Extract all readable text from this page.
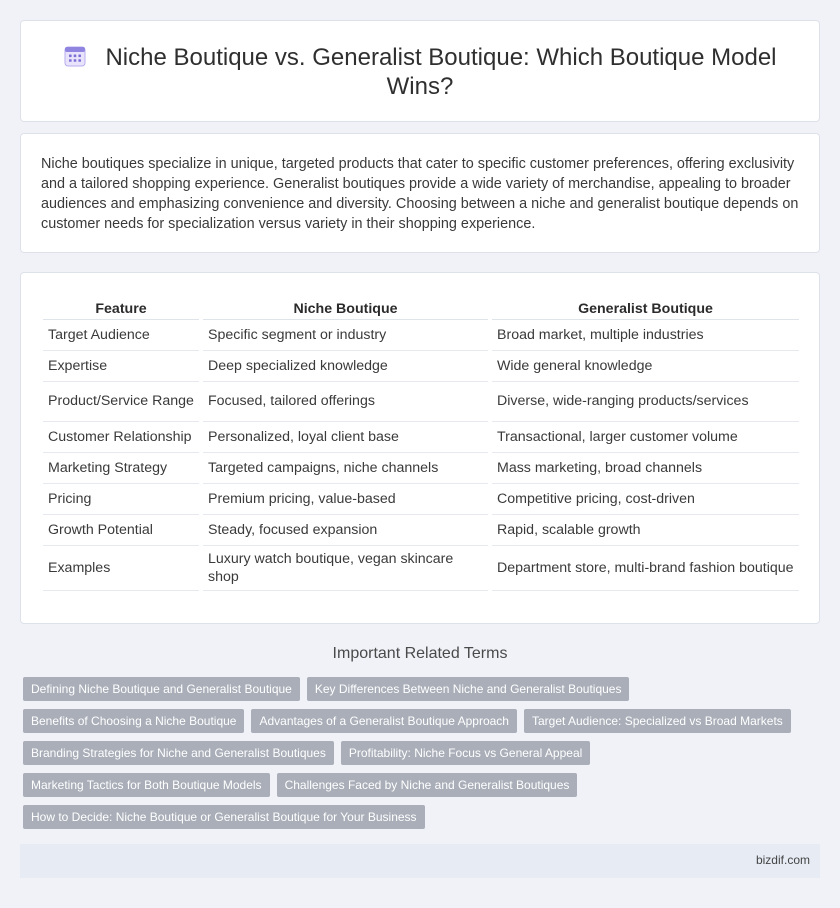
Niche Boutique vs. Generalist Boutique: Which Boutique Model Wins?

Niche boutiques specialize in unique, targeted products that cater to specific customer preferences, offering exclusivity and a tailored shopping experience. Generalist boutiques provide a wide variety of merchandise, appealing to broader audiences and emphasizing convenience and diversity. Choosing between a niche and generalist boutique depends on customer needs for specialization versus variety in their shopping experience.

Feature	Niche Boutique	Generalist Boutique
Target Audience	Specific segment or industry	Broad market, multiple industries
Expertise	Deep specialized knowledge	Wide general knowledge
Product/Service Range	Focused, tailored offerings	Diverse, wide-ranging products/services
Customer Relationship	Personalized, loyal client base	Transactional, larger customer volume
Marketing Strategy	Targeted campaigns, niche channels	Mass marketing, broad channels
Pricing	Premium pricing, value-based	Competitive pricing, cost-driven
Growth Potential	Steady, focused expansion	Rapid, scalable growth
Examples	Luxury watch boutique, vegan skincare shop	Department store, multi-brand fashion boutique
Important Related Terms
Defining Niche Boutique and Generalist Boutique Key Differences Between Niche and Generalist Boutiques
Benefits of Choosing a Niche Boutique Advantages of a Generalist Boutique Approach Target Audience: Specialized vs Broad Markets
Branding Strategies for Niche and Generalist Boutiques Profitability: Niche Focus vs General Appeal
Marketing Tactics for Both Boutique Models Challenges Faced by Niche and Generalist Boutiques
How to Decide: Niche Boutique or Generalist Boutique for Your Business
bizdif.com
